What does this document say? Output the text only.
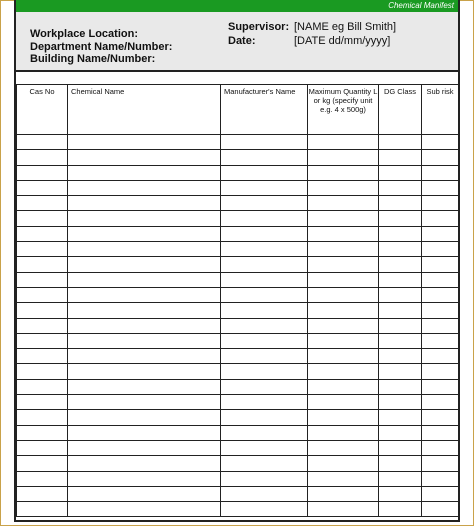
Chemical Manifest
Workplace Location:
Department Name/Number:
Building Name/Number:
Supervisor: [NAME eg Bill Smith]
Date:	[DATE dd/mm/yyyy]
Cas No	Chemical Name	Manufacturer's Name	Maximum Quantity L or kg (specify unit e.g. 4 x 500g)	DG Class	Sub risk
